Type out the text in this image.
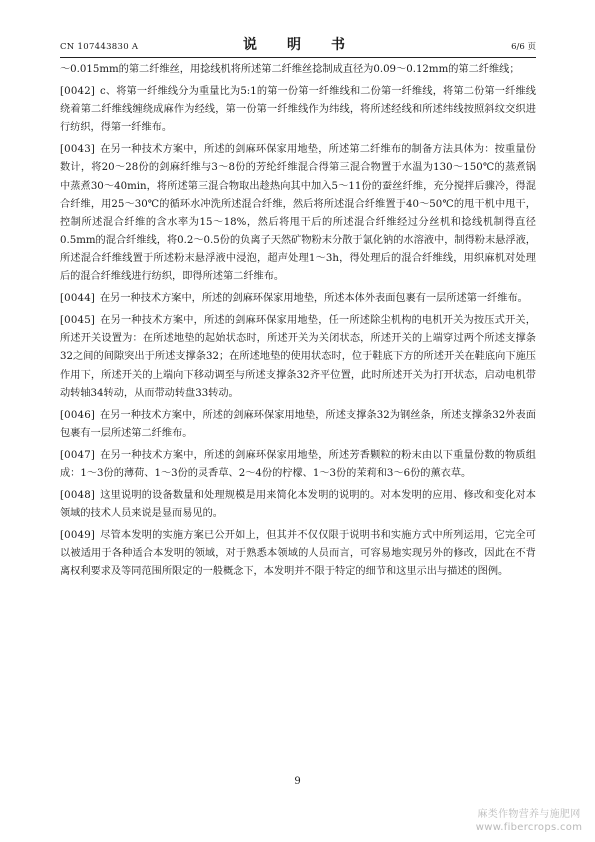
CN 107443830 A	说　明　书	6/6 页

～0.015mm的第二纤维丝，用捻线机将所述第二纤维丝捻制成直径为0.09～0.12mm的第二纤维线；

[0042] c、将第一纤维线分为重量比为5:1的第一份第一纤维线和二份第一纤维线，将第二份第一纤维线绕着第二纤维线缠绕成麻作为经线，第一份第一纤维线作为纬线，将所述经线和所述纬线按照斜纹交织进行纺织，得第一纤维布。

[0043] 在另一种技术方案中，所述的剑麻环保家用地垫，所述第二纤维布的制备方法具体为：按重量份数计，将20～28份的剑麻纤维与3～8份的芳纶纤维混合得第三混合物置于水温为130～150℃的蒸煮锅中蒸煮30～40min，将所述第三混合物取出趁热向其中加入5～11份的蚕丝纤维，充分搅拌后骤冷，得混合纤维，用25～30℃的循环水冲洗所述混合纤维，然后将所述混合纤维置于40～50℃的甩干机中甩干，控制所述混合纤维的含水率为15～18%，然后将甩干后的所述混合纤维经过分丝机和捻线机制得直径0.5mm的混合纤维线，将0.2～0.5份的负离子天然矿物粉末分散于氯化钠的水溶液中，制得粉末悬浮液，所述混合纤维线置于所述粉末悬浮液中浸泡，超声处理1～3h，得处理后的混合纤维线，用织麻机对处理后的混合纤维线进行纺织，即得所述第二纤维布。

[0044] 在另一种技术方案中，所述的剑麻环保家用地垫，所述本体外表面包裹有一层所述第一纤维布。

[0045] 在另一种技术方案中，所述的剑麻环保家用地垫，任一所述除尘机构的电机开关为按压式开关，所述开关设置为：在所述地垫的起始状态时，所述开关为关闭状态，所述开关的上端穿过两个所述支撑条32之间的间隙突出于所述支撑条32；在所述地垫的使用状态时，位于鞋底下方的所述开关在鞋底向下施压作用下，所述开关的上端向下移动调至与所述支撑条32齐平位置，此时所述开关为打开状态，启动电机带动转轴34转动，从而带动转盘33转动。

[0046] 在另一种技术方案中，所述的剑麻环保家用地垫，所述支撑条32为钢丝条，所述支撑条32外表面包裹有一层所述第二纤维布。

[0047] 在另一种技术方案中，所述的剑麻环保家用地垫，所述芳香颗粒的粉末由以下重量份数的物质组成：1～3份的薄荷、1～3份的灵香草、2～4份的柠檬、1～3份的茉莉和3～6份的薰衣草。

[0048] 这里说明的设备数量和处理规模是用来简化本发明的说明的。对本发明的应用、修改和变化对本领域的技术人员来说是显而易见的。

[0049] 尽管本发明的实施方案已公开如上，但其并不仅仅限于说明书和实施方式中所列运用，它完全可以被适用于各种适合本发明的领域，对于熟悉本领域的人员而言，可容易地实现另外的修改，因此在不背离权利要求及等同范围所限定的一般概念下，本发明并不限于特定的细节和这里示出与描述的图例。

9
麻类作物营养与施肥网
www.fibercrops.com
